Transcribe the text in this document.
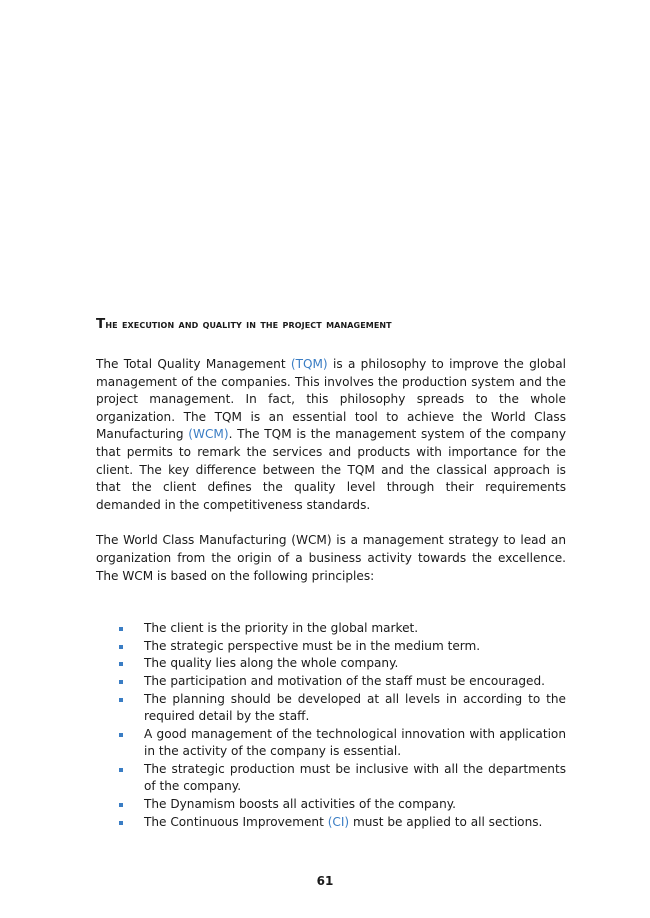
The execution and quality in the project management

The Total Quality Management (TQM) is a philosophy to improve the global management of the companies. This involves the production system and the project management. In fact, this philosophy spreads to the whole organization. The TQM is an essential tool to achieve the World Class Manufacturing (WCM). The TQM is the management system of the company that permits to remark the services and products with importance for the client. The key difference between the TQM and the classical approach is that the client defines the quality level through their requirements demanded in the competitiveness standards.

The World Class Manufacturing (WCM) is a management strategy to lead an organization from the origin of a business activity towards the excellence. The WCM is based on the following principles:

The client is the priority in the global market.
The strategic perspective must be in the medium term.
The quality lies along the whole company.
The participation and motivation of the staff must be encouraged.
The planning should be developed at all levels in according to the required detail by the staff.
A good management of the technological innovation with application in the activity of the company is essential.
The strategic production must be inclusive with all the departments of the company.
The Dynamism boosts all activities of the company.
The Continuous Improvement (CI) must be applied to all sections.
61
